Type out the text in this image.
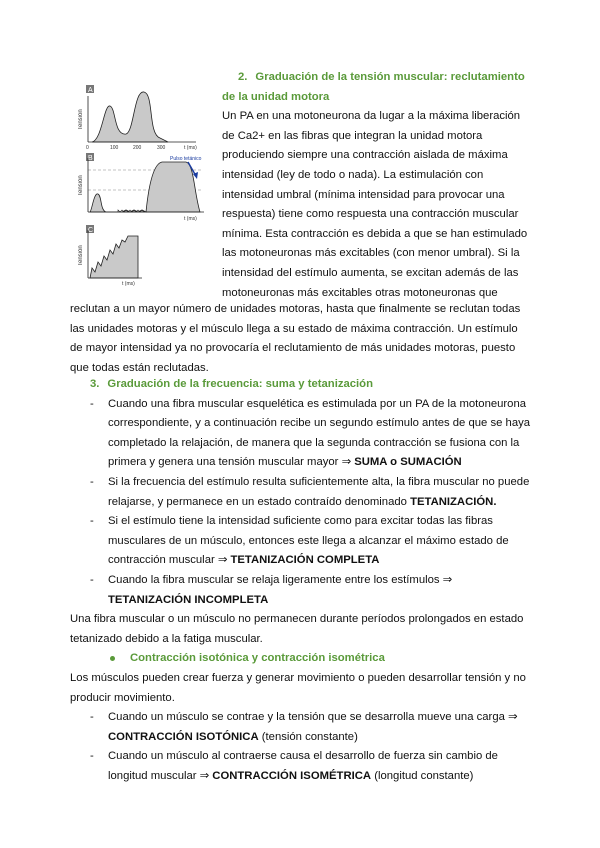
A
Tensión
0	100	200	300	t (ms)
B
Tensión
Pulso tetánico
t (ms)
C
Tensión
t (ms)

2. Graduación de la tensión muscular: reclutamiento

de la unidad motora

Un PA en una motoneurona da lugar a la máxima liberación

de Ca2+ en las fibras que integran la unidad motora

produciendo siempre una contracción aislada de máxima

intensidad (ley de todo o nada). La estimulación con

intensidad umbral (mínima intensidad para provocar una

respuesta) tiene como respuesta una contracción muscular

mínima. Esta contracción es debida a que se han estimulado

las motoneuronas más excitables (con menor umbral). Si la

intensidad del estímulo aumenta, se excitan además de las

motoneuronas más excitables otras motoneuronas que

reclutan a un mayor número de unidades motoras, hasta que finalmente se reclutan todas las unidades motoras y el músculo llega a su estado de máxima contracción. Un estímulo de mayor intensidad ya no provocaría el reclutamiento de más unidades motoras, puesto que todas están reclutadas.

3. Graduación de la frecuencia: suma y tetanización

- Cuando una fibra muscular esquelética es estimulada por un PA de la motoneurona correspondiente, y a continuación recibe un segundo estímulo antes de que se haya completado la relajación, de manera que la segunda contracción se fusiona con la primera y genera una tensión muscular mayor ⇒ SUMA o SUMACIÓN
- Si la frecuencia del estímulo resulta suficientemente alta, la fibra muscular no puede relajarse, y permanece en un estado contraído denominado TETANIZACIÓN.
- Si el estímulo tiene la intensidad suficiente como para excitar todas las fibras musculares de un músculo, entonces este llega a alcanzar el máximo estado de contracción muscular ⇒ TETANIZACIÓN COMPLETA
- Cuando la fibra muscular se relaja ligeramente entre los estímulos ⇒ TETANIZACIÓN INCOMPLETA

Una fibra muscular o un músculo no permanecen durante períodos prolongados en estado tetanizado debido a la fatiga muscular.

Contracción isotónica y contracción isométrica

Los músculos pueden crear fuerza y generar movimiento o pueden desarrollar tensión y no producir movimiento.

- Cuando un músculo se contrae y la tensión que se desarrolla mueve una carga ⇒ CONTRACCIÓN ISOTÓNICA (tensión constante)
- Cuando un músculo al contraerse causa el desarrollo de fuerza sin cambio de longitud muscular ⇒ CONTRACCIÓN ISOMÉTRICA (longitud constante)
